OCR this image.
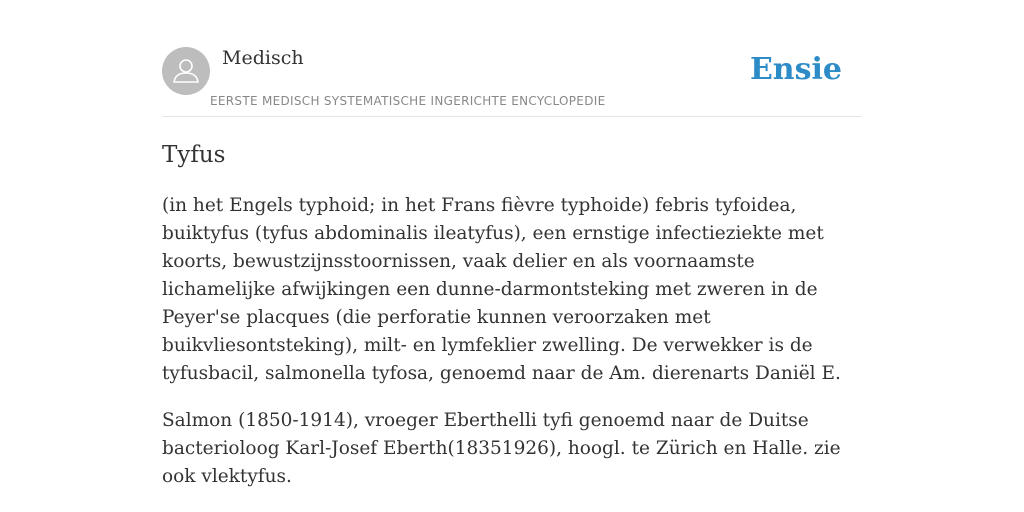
Medisch
EERSTE MEDISCH SYSTEMATISCHE INGERICHTE ENCYCLOPEDIE
Ensie
Tyfus

(in het Engels typhoid; in het Frans fièvre typhoide) febris tyfoidea, buiktyfus (tyfus abdominalis ileatyfus), een ernstige infectieziekte met koorts, bewustzijnsstoornissen, vaak delier en als voornaamste lichamelijke afwijkingen een dunne-darmontsteking met zweren in de Peyer'se placques (die perforatie kunnen veroorzaken met buikvliesontsteking), milt- en lymfeklier zwelling. De verwekker is de tyfusbacil, salmonella tyfosa, genoemd naar de Am. dierenarts Daniël E.

Salmon (1850-1914), vroeger Eberthelli tyfi genoemd naar de Duitse bacterioloog Karl-Josef Eberth(18351926), hoogl. te Zürich en Halle. zie ook vlektyfus.
